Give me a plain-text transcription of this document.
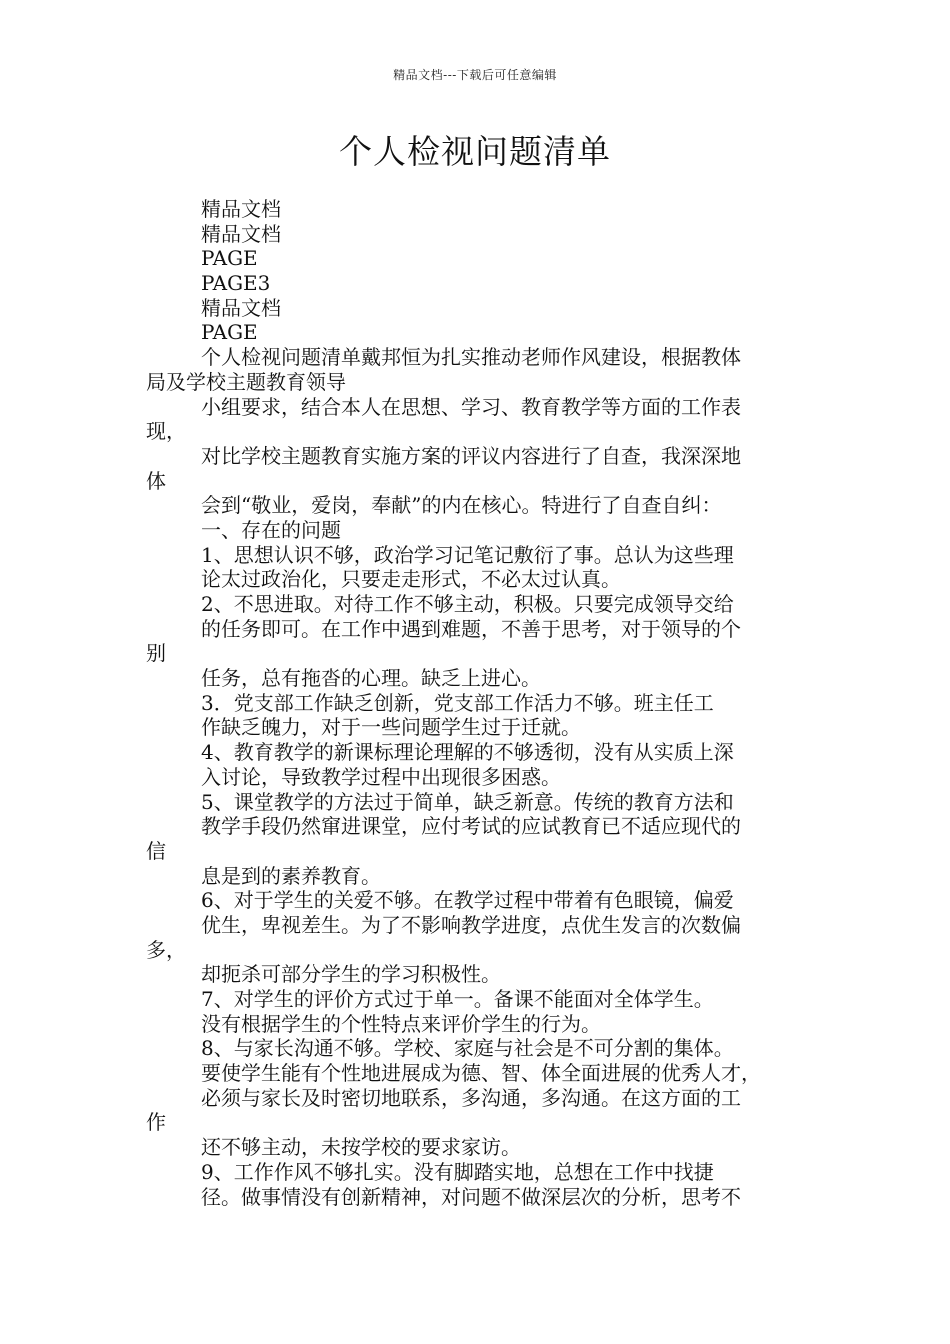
精品文档---下载后可任意编辑
个人检视问题清单

精品文档

精品文档

PAGE

PAGE3

精品文档

PAGE

个人检视问题清单戴邦恒为扎实推动老师作风建设，根据教体

局及学校主题教育领导

小组要求，结合本人在思想、学习、教育教学等方面的工作表

现，

对比学校主题教育实施方案的评议内容进行了自查，我深深地

体

会到“敬业，爱岗，奉献”的内在核心。特进行了自查自纠：

一、存在的问题

1、思想认识不够，政治学习记笔记敷衍了事。总认为这些理

论太过政治化，只要走走形式，不必太过认真。

2、不思进取。对待工作不够主动，积极。只要完成领导交给

的任务即可。在工作中遇到难题，不善于思考，对于领导的个

别

任务，总有拖沓的心理。缺乏上进心。

3．党支部工作缺乏创新，党支部工作活力不够。班主任工

作缺乏魄力，对于一些问题学生过于迁就。

4、教育教学的新课标理论理解的不够透彻，没有从实质上深

入讨论，导致教学过程中出现很多困惑。

5、课堂教学的方法过于简单，缺乏新意。传统的教育方法和

教学手段仍然窜进课堂，应付考试的应试教育已不适应现代的

信

息是到的素养教育。

6、对于学生的关爱不够。在教学过程中带着有色眼镜，偏爱

优生，卑视差生。为了不影响教学进度，点优生发言的次数偏

多，

却扼杀可部分学生的学习积极性。

7、对学生的评价方式过于单一。备课不能面对全体学生。

没有根据学生的个性特点来评价学生的行为。

8、与家长沟通不够。学校、家庭与社会是不可分割的集体。

要使学生能有个性地进展成为德、智、体全面进展的优秀人才，

必须与家长及时密切地联系，多沟通，多沟通。在这方面的工

作

还不够主动，未按学校的要求家访。

9、工作作风不够扎实。没有脚踏实地，总想在工作中找捷

径。做事情没有创新精神，对问题不做深层次的分析，思考不
